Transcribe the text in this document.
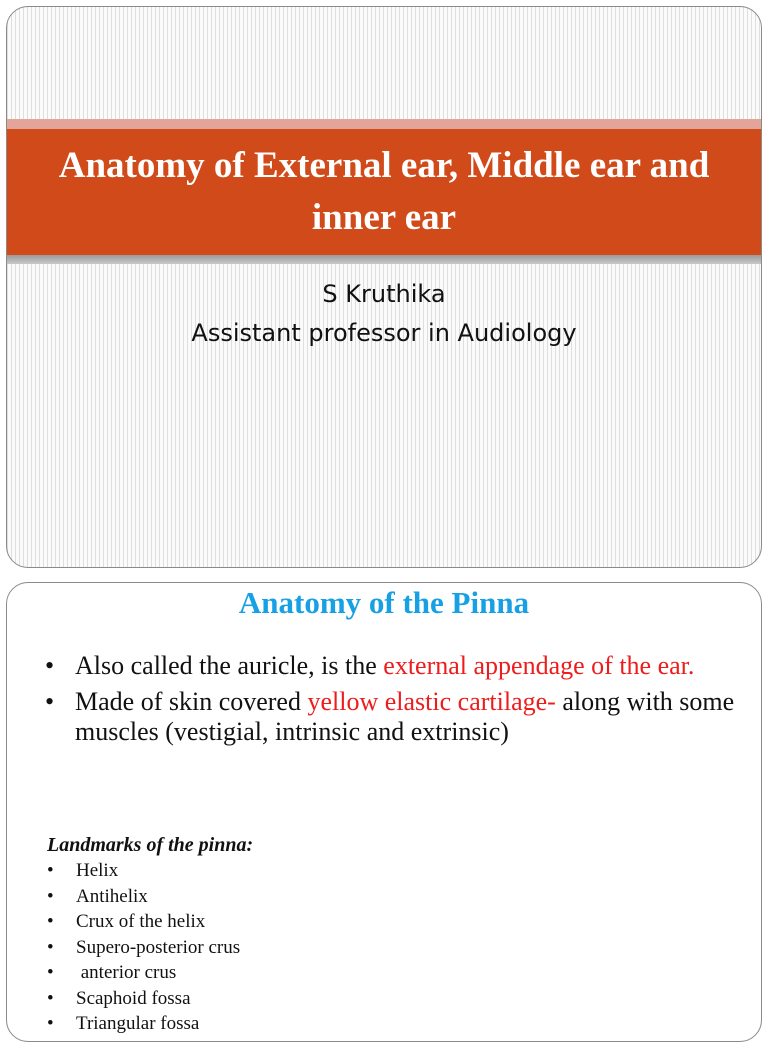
Anatomy of External ear, Middle ear and inner ear
S Kruthika
Assistant professor in Audiology
Anatomy of the Pinna
• Also called the auricle, is the external appendage of the ear.
• Made of skin covered yellow elastic cartilage- along with some muscles (vestigial, intrinsic and extrinsic)

Landmarks of the pinna:

• Helix
• Antihelix
• Crux of the helix
• Supero-posterior crus
• anterior crus
• Scaphoid fossa
• Triangular fossa
